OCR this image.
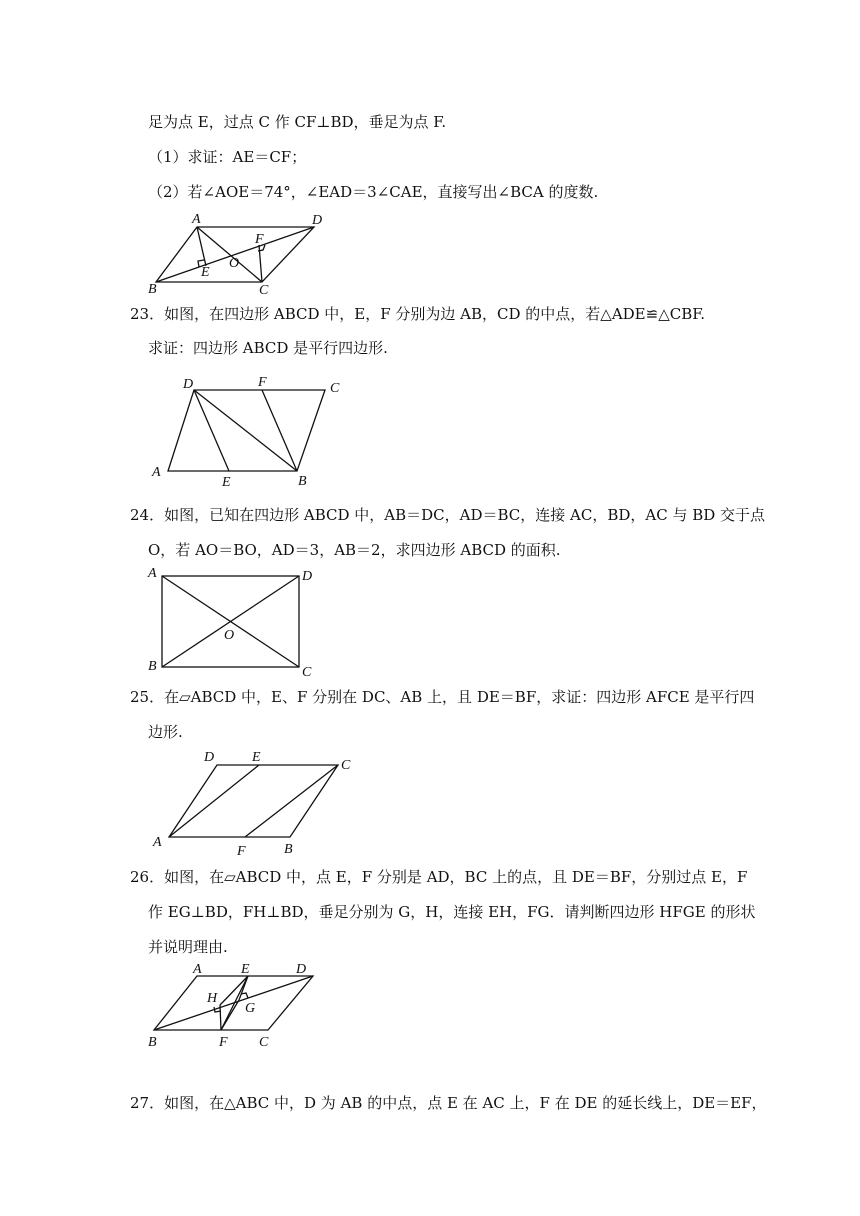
足为点 E，过点 C 作 CF⊥BD，垂足为点 F.
（1）求证：AE＝CF；
（2）若∠AOE＝74°，∠EAD＝3∠CAE，直接写出∠BCA 的度数.
A	D
B	C
E
F
O
23．如图，在四边形 ABCD 中，E，F 分别为边 AB，CD 的中点，若△ADE≌△CBF.
求证：四边形 ABCD 是平行四边形.
D	F	C
A
E	B
24．如图，已知在四边形 ABCD 中，AB＝DC，AD＝BC，连接 AC，BD，AC 与 BD 交于点
O，若 AO＝BO，AD＝3，AB＝2，求四边形 ABCD 的面积.
A	D
B	C
O
25．在▱ABCD 中，E、F 分别在 DC、AB 上，且 DE＝BF，求证：四边形 AFCE 是平行四
边形.
D	E
C
A
F	B
26．如图，在▱ABCD 中，点 E，F 分别是 AD，BC 上的点，且 DE＝BF，分别过点 E，F
作 EG⊥BD，FH⊥BD，垂足分别为 G，H，连接 EH，FG．请判断四边形 HFGE 的形状
并说明理由.
A	E	D
H
G
B	F C
27．如图，在△ABC 中，D 为 AB 的中点，点 E 在 AC 上，F 在 DE 的延长线上，DE＝EF，
